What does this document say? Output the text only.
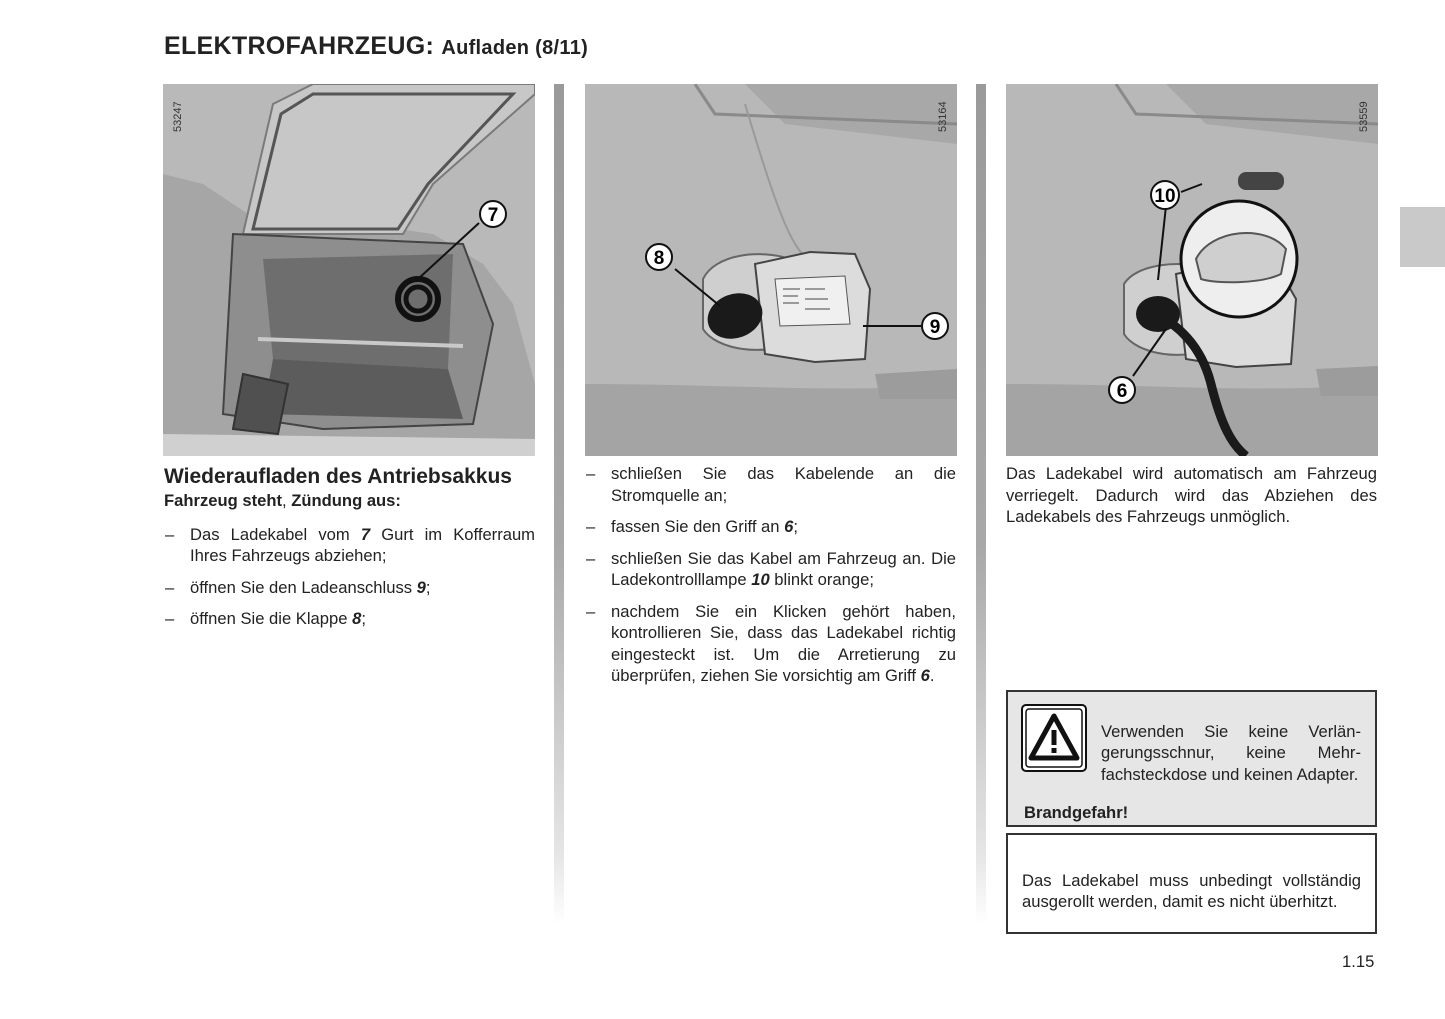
ELEKTROFAHRZEUG: Aufladen (8/11)
7
53247
8
9
53164
10
6
53559

Wiederaufladen des Antriebsakkus

Fahrzeug steht, Zündung aus:

– Das Ladekabel vom 7 Gurt im Kofferraum Ihres Fahrzeugs abziehen;
– öffnen Sie den Ladeanschluss 9;
– öffnen Sie die Klappe 8;
– schließen Sie das Kabelende an die Stromquelle an;
– fassen Sie den Griff an 6;
– schließen Sie das Kabel am Fahrzeug an. Die Ladekontrolllampe 10 blinkt orange;
– nachdem Sie ein Klicken gehört haben, kontrollieren Sie, dass das Ladekabel richtig eingesteckt ist. Um die Arretierung zu überprüfen, ziehen Sie vorsichtig am Griff 6.

Das Ladekabel wird automatisch am Fahrzeug verriegelt. Dadurch wird das Abziehen des Ladekabels des Fahrzeugs unmöglich.

Verwenden Sie keine Verlängerungsschnur, keine Mehrfachsteckdose und keinen Adapter.

Brandgefahr!

Das Ladekabel muss unbedingt vollständig ausgerollt werden, damit es nicht überhitzt.

1.15
